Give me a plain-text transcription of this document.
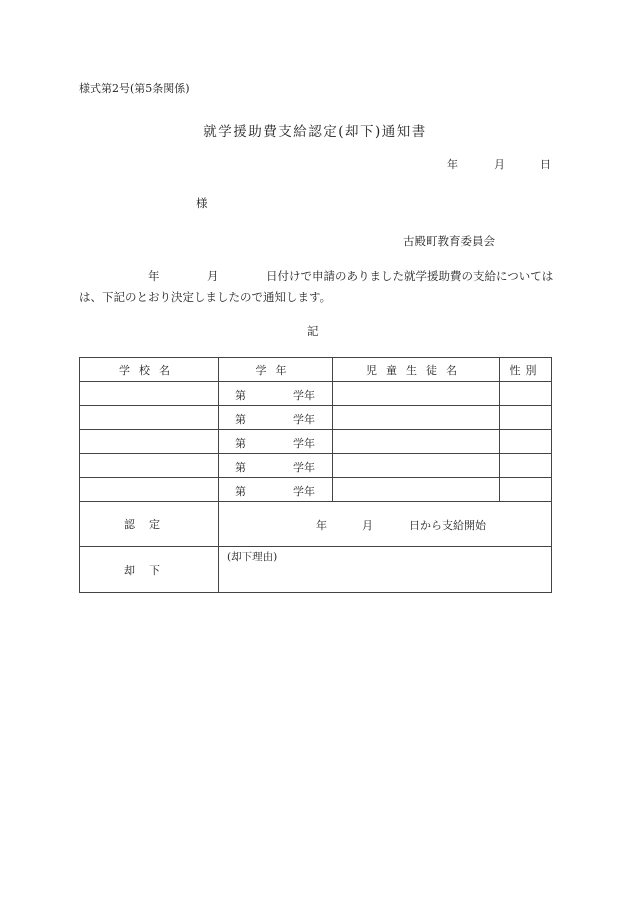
様式第2号(第5条関係)
就学援助費支給認定(却下)通知書
年	月	日
様
古殿町教育委員会
年	月	日付けで申請のありました就学援助費の支給については
は、下記のとおり決定しましたので通知します。
記
学校名	学年	児童生徒名	性別

	第 学年		

	第 学年		

	第 学年		

	第 学年		

	第 学年		

認定	年 月 日から支給開始		

却下	(却下理由)		
